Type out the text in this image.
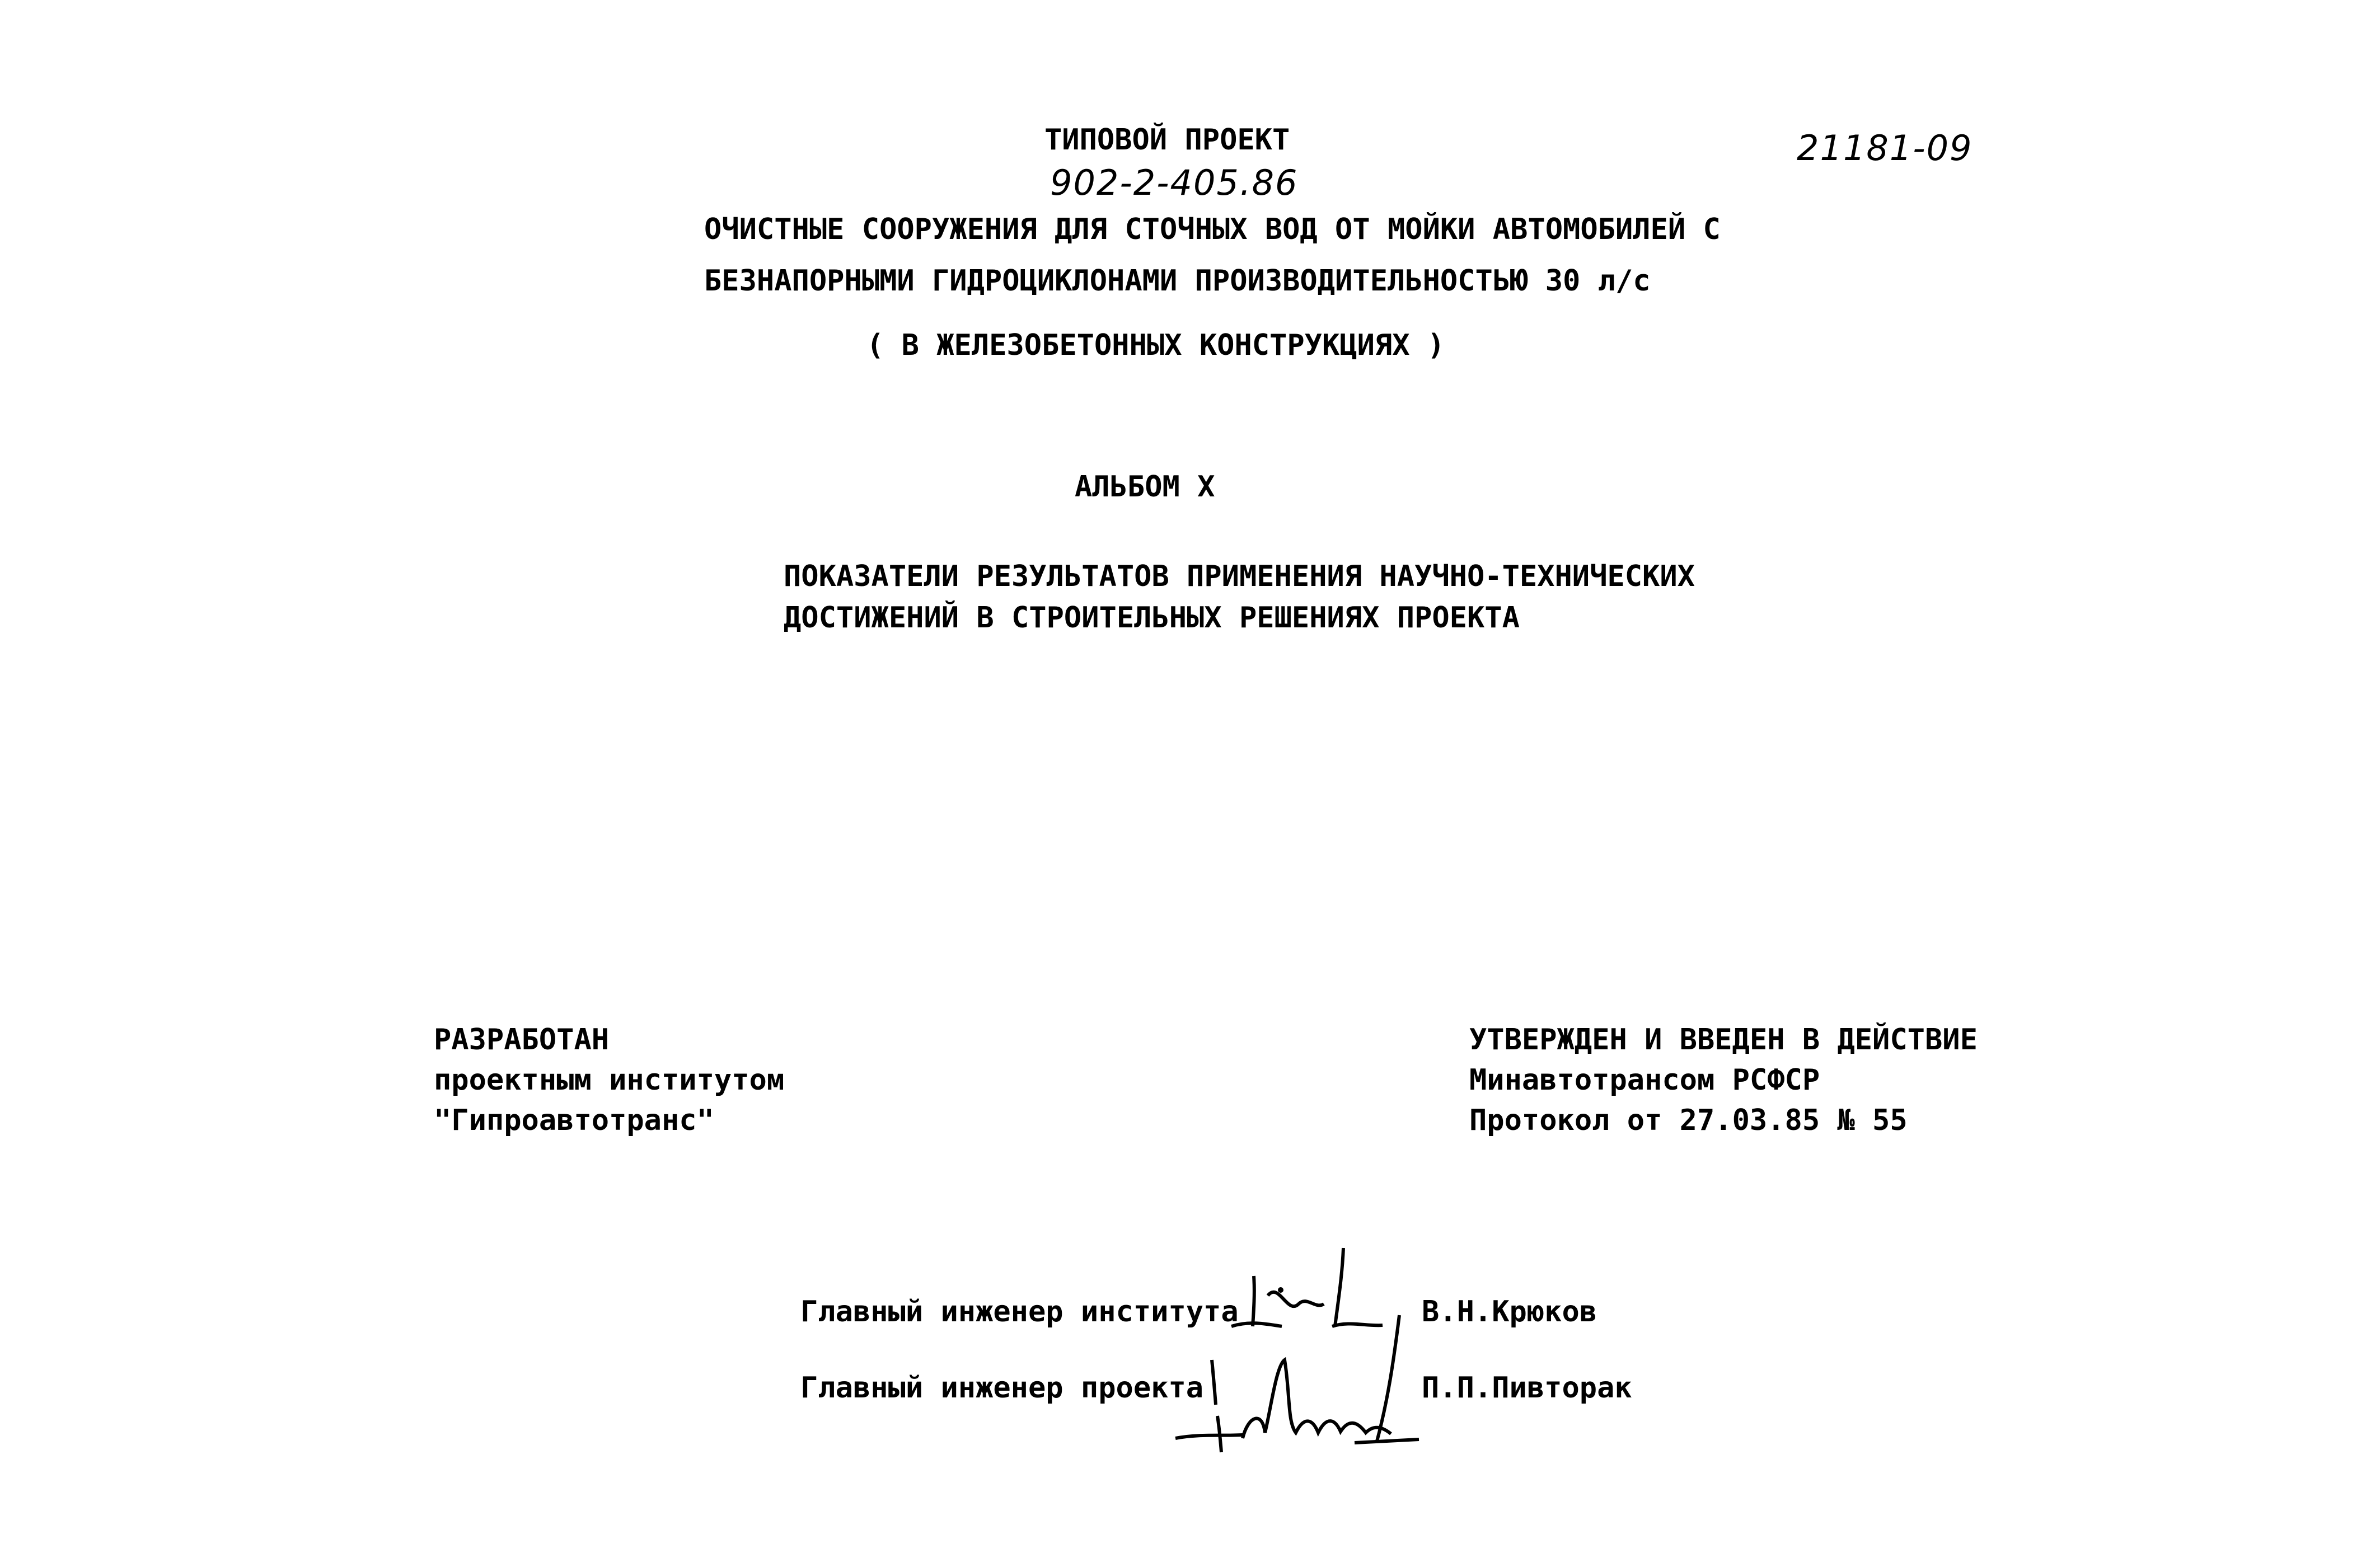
ТИПОВОЙ ПРОЕКТ
902-2-405.86
21181-09
ОЧИСТНЫЕ СООРУЖЕНИЯ ДЛЯ СТОЧНЫХ ВОД ОТ МОЙКИ АВТОМОБИЛЕЙ С
БЕЗНАПОРНЫМИ ГИДРОЦИКЛОНАМИ ПРОИЗВОДИТЕЛЬНОСТЬЮ 30 л/с
( В ЖЕЛЕЗОБЕТОННЫХ КОНСТРУКЦИЯХ )
АЛЬБОМ X
ПОКАЗАТЕЛИ РЕЗУЛЬТАТОВ ПРИМЕНЕНИЯ НАУЧНО-ТЕХНИЧЕСКИХ
ДОСТИЖЕНИЙ В СТРОИТЕЛЬНЫХ РЕШЕНИЯХ ПРОЕКТА
РАЗРАБОТАН
проектным институтом
"Гипроавтотранс"
УТВЕРЖДЕН И ВВЕДЕН В ДЕЙСТВИЕ
Минавтотрансом РСФСР
Протокол от 27.03.85 № 55
Главный инженер института	В.Н.Крюков
Главный инженер проекта	П.П.Пивторак
